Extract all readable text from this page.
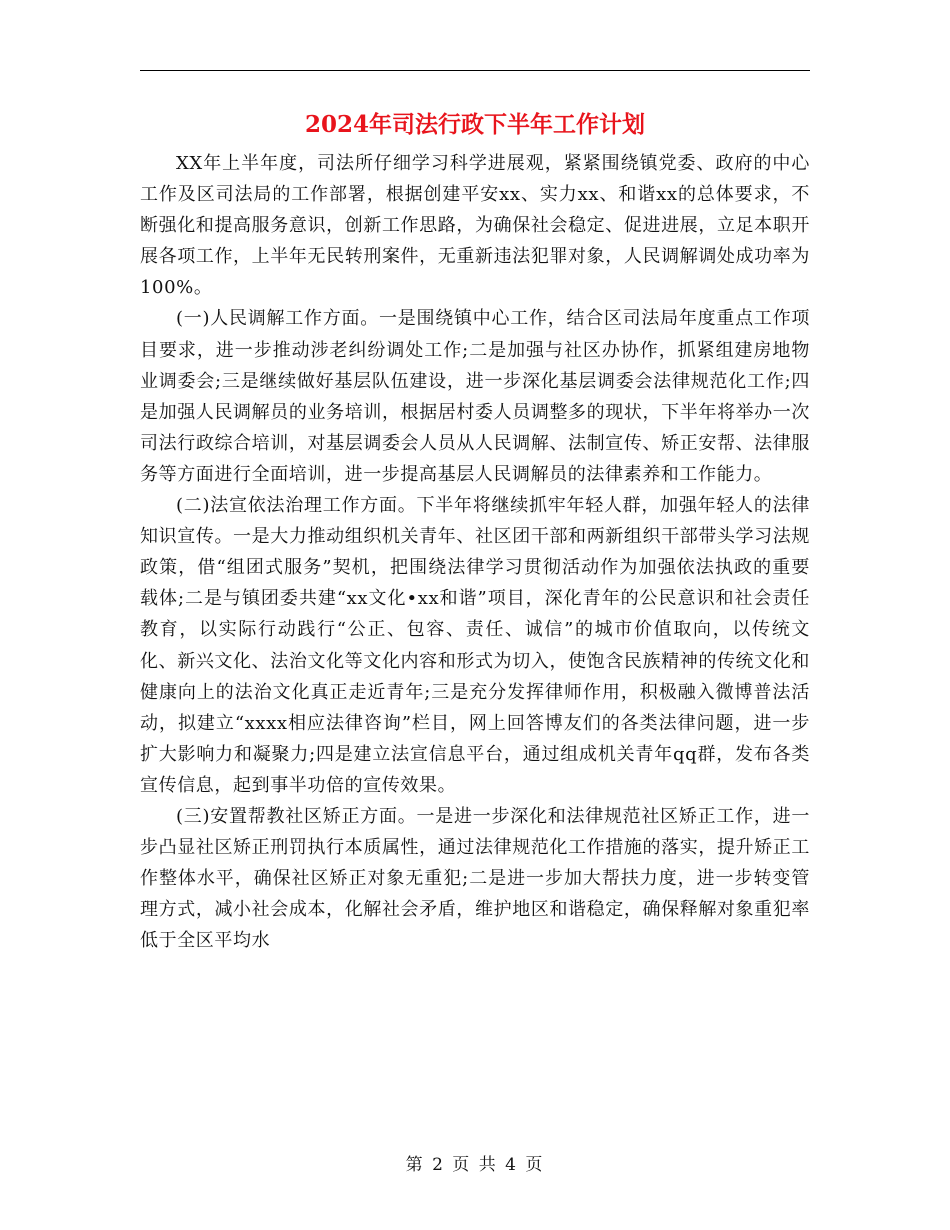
2024年司法行政下半年工作计划

XX年上半年度，司法所仔细学习科学进展观，紧紧围绕镇党委、政府的中心工作及区司法局的工作部署，根据创建平安xx、实力xx、和谐xx的总体要求，不断强化和提高服务意识，创新工作思路，为确保社会稳定、促进进展，立足本职开展各项工作，上半年无民转刑案件，无重新违法犯罪对象，人民调解调处成功率为100%。

(一)人民调解工作方面。一是围绕镇中心工作，结合区司法局年度重点工作项目要求，进一步推动涉老纠纷调处工作;二是加强与社区办协作，抓紧组建房地物业调委会;三是继续做好基层队伍建设，进一步深化基层调委会法律规范化工作;四是加强人民调解员的业务培训，根据居村委人员调整多的现状，下半年将举办一次司法行政综合培训，对基层调委会人员从人民调解、法制宣传、矫正安帮、法律服务等方面进行全面培训，进一步提高基层人民调解员的法律素养和工作能力。

(二)法宣依法治理工作方面。下半年将继续抓牢年轻人群，加强年轻人的法律知识宣传。一是大力推动组织机关青年、社区团干部和两新组织干部带头学习法规政策，借“组团式服务”契机，把围绕法律学习贯彻活动作为加强依法执政的重要载体;二是与镇团委共建“xx文化•xx和谐”项目，深化青年的公民意识和社会责任教育，以实际行动践行“公正、包容、责任、诚信”的城市价值取向，以传统文化、新兴文化、法治文化等文化内容和形式为切入，使饱含民族精神的传统文化和健康向上的法治文化真正走近青年;三是充分发挥律师作用，积极融入微博普法活动，拟建立“xxxx相应法律咨询”栏目，网上回答博友们的各类法律问题，进一步扩大影响力和凝聚力;四是建立法宣信息平台，通过组成机关青年qq群，发布各类宣传信息，起到事半功倍的宣传效果。

(三)安置帮教社区矫正方面。一是进一步深化和法律规范社区矫正工作，进一步凸显社区矫正刑罚执行本质属性，通过法律规范化工作措施的落实，提升矫正工作整体水平，确保社区矫正对象无重犯;二是进一步加大帮扶力度，进一步转变管理方式，减小社会成本，化解社会矛盾，维护地区和谐稳定，确保释解对象重犯率低于全区平均水

第 2 页 共 4 页
